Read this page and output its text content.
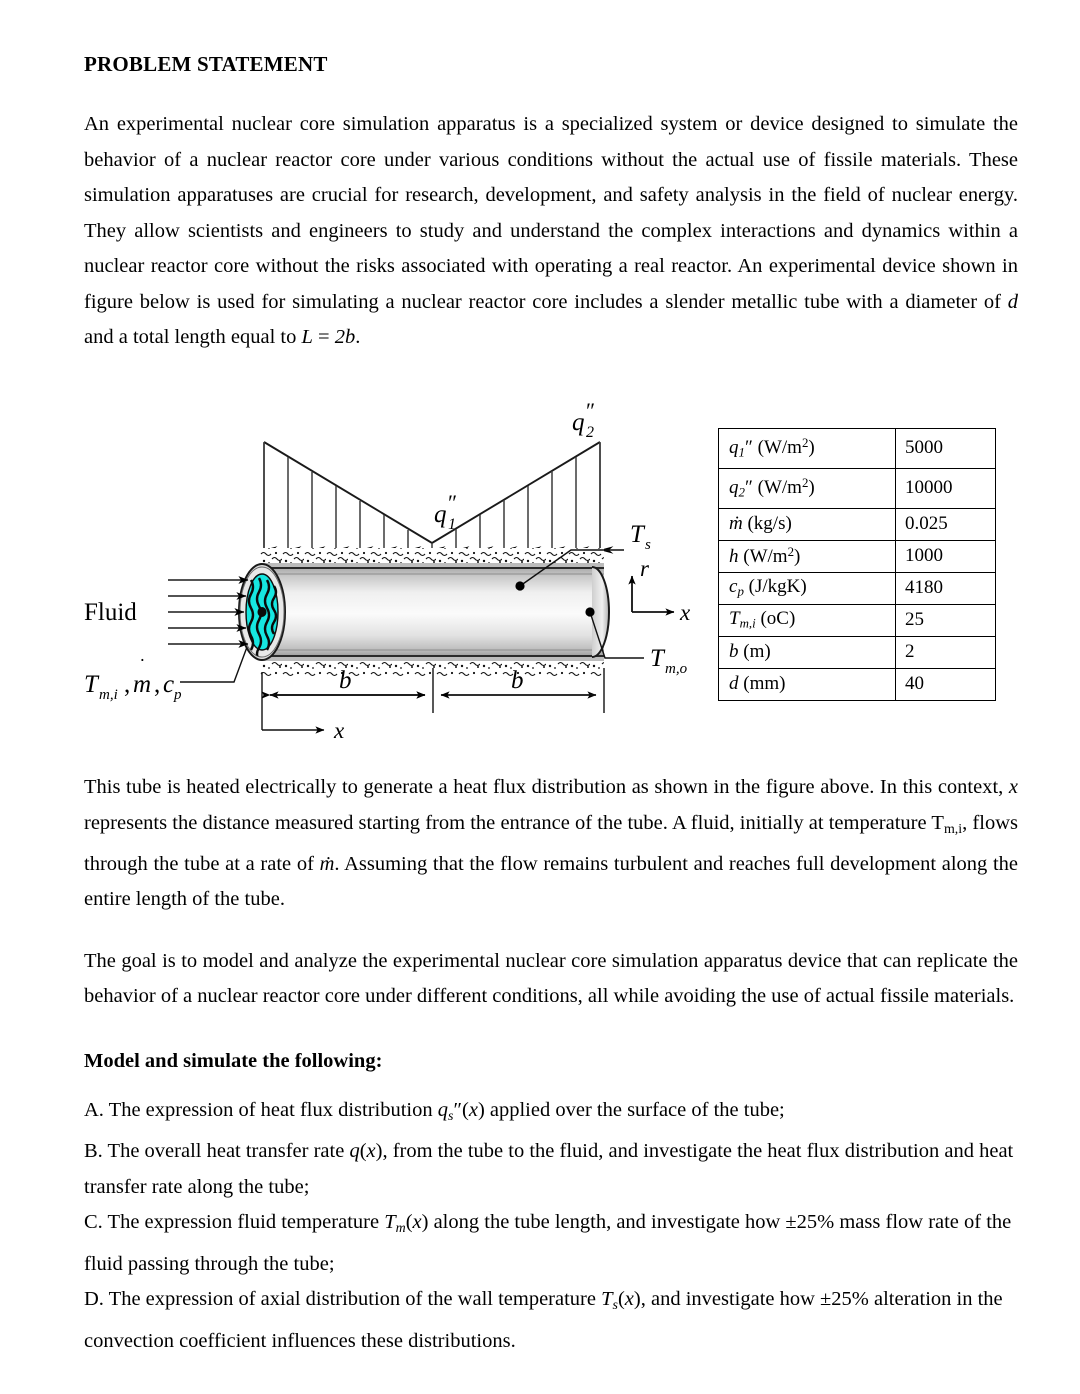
PROBLEM STATEMENT

An experimental nuclear core simulation apparatus is a specialized system or device designed to simulate the behavior of a nuclear reactor core under various conditions without the actual use of fissile materials. These simulation apparatuses are crucial for research, development, and safety analysis in the field of nuclear energy. They allow scientists and engineers to study and understand the complex interactions and dynamics within a nuclear reactor core without the risks associated with operating a real reactor. An experimental device shown in figure below is used for simulating a nuclear reactor core includes a slender metallic tube with a diameter of d and a total length equal to L = 2b.

q 1
″
q 2
″
Fluid
T m,i , m
˙
, c p
T s
T m,o
r
x
b	b
x
$q_1''$ $(W/m^2)$	5000
$q_2''$ $(W/m^2)$	10000
ṁ (kg/s)	0.025
h $(W/m^2)$	1000
$c_p$ (J/kgK)	4180
$T_{m,i}$ (oC)	25
b (m)	2
d (mm)	40

This tube is heated electrically to generate a heat flux distribution as shown in the figure above. In this context, x represents the distance measured starting from the entrance of the tube. A fluid, initially at temperature Tm,i, flows through the tube at a rate of ṁ. Assuming that the flow remains turbulent and reaches full development along the entire length of the tube.

The goal is to model and analyze the experimental nuclear core simulation apparatus device that can replicate the behavior of a nuclear reactor core under different conditions, all while avoiding the use of actual fissile materials.

Model and simulate the following:

A. The expression of heat flux distribution $q_s''(x)$ applied over the surface of the tube;

B. The overall heat transfer rate q(x), from the tube to the fluid, and investigate the heat flux distribution and heat transfer rate along the tube;

C. The expression fluid temperature $T_m(x)$ along the tube length, and investigate how ±25% mass flow rate of the fluid passing through the tube;

D. The expression of axial distribution of the wall temperature $T_s(x)$, and investigate how ±25% alteration in the convection coefficient influences these distributions.
